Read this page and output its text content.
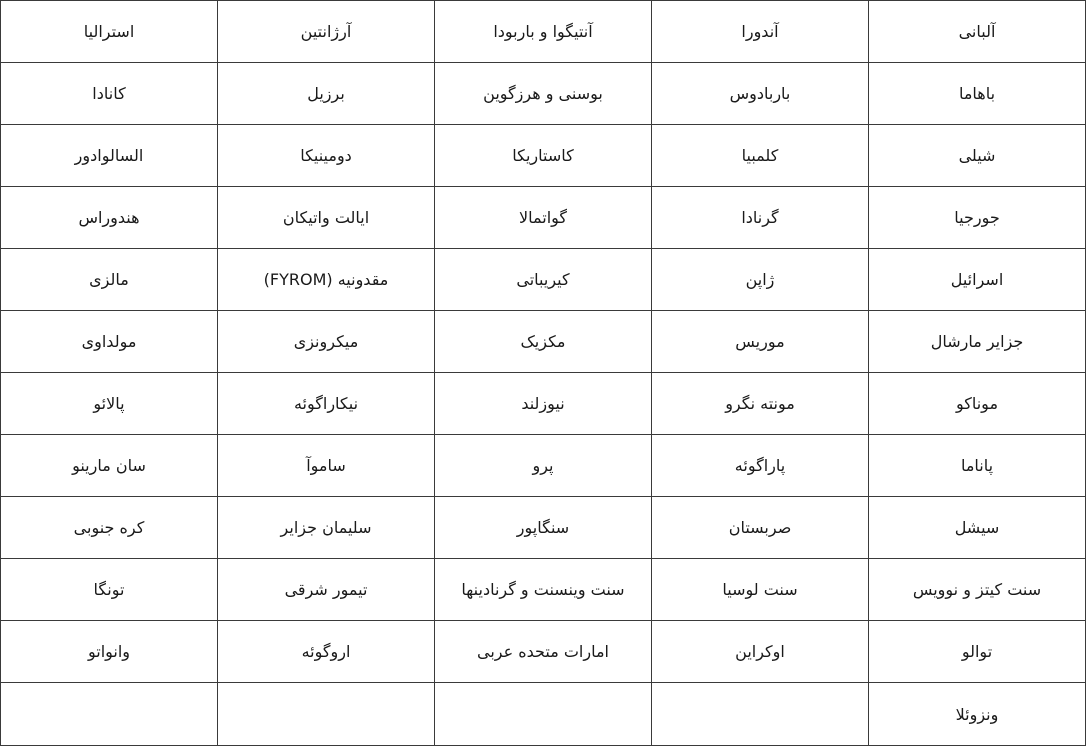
آلبانی	آندورا	آنتیگوا و باربودا	آرژانتین	استرالیا
باهاما	باربادوس	بوسنی و هرزگوین	برزیل	کانادا
شیلی	کلمبیا	کاستاریکا	دومینیکا	السالوادور
جورجیا	گرنادا	گواتمالا	ایالت واتیکان	هندوراس
اسرائیل	ژاپن	کیریباتی	مقدونیه (FYROM)	مالزی
جزایر مارشال	موریس	مکزیک	میکرونزی	مولداوی
موناکو	مونته نگرو	نیوزلند	نیکاراگوئه	پالائو
پاناما	پاراگوئه	پرو	ساموآ	سان مارینو
سیشل	صربستان	سنگاپور	سلیمان جزایر	کره جنوبی
سنت کیتز و نوویس	سنت لوسیا	سنت وینسنت و گرنادینها	تیمور شرقی	تونگا
توالو	اوکراین	امارات متحده عربی	اروگوئه	وانواتو
ونزوئلا				
